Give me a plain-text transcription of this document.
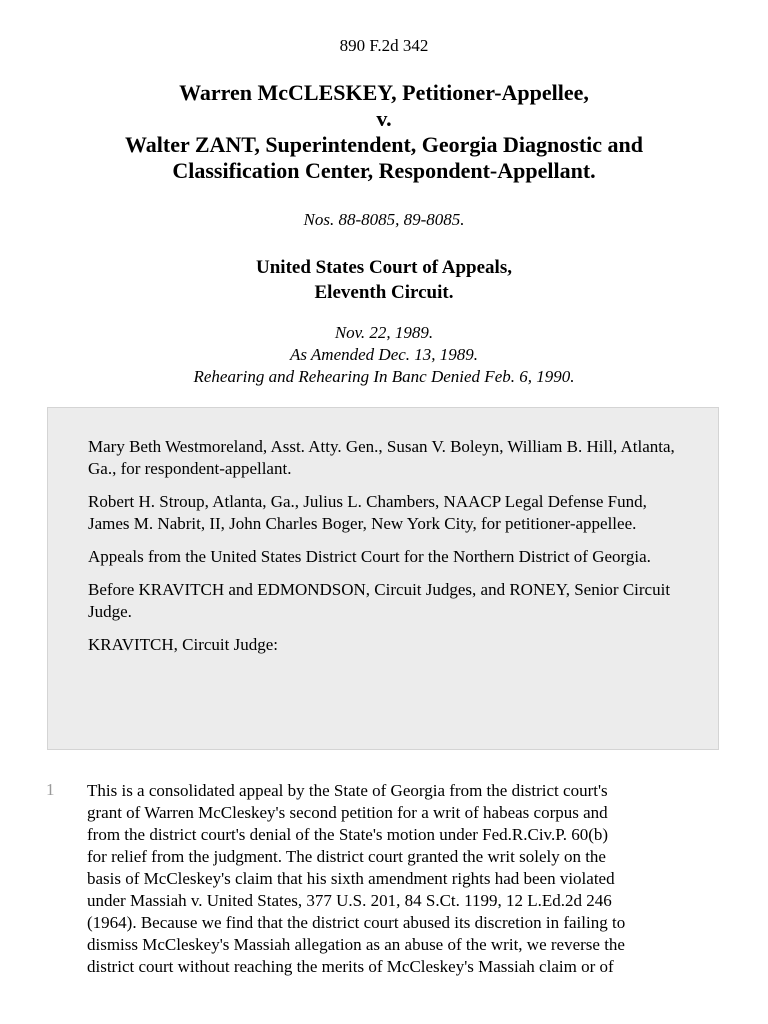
890 F.2d 342
Warren McCLESKEY, Petitioner-Appellee,
v.
Walter ZANT, Superintendent, Georgia Diagnostic and
Classification Center, Respondent-Appellant.
Nos. 88-8085, 89-8085.
United States Court of Appeals,
Eleventh Circuit.
Nov. 22, 1989.
As Amended Dec. 13, 1989.
Rehearing and Rehearing In Banc Denied Feb. 6, 1990.

Mary Beth Westmoreland, Asst. Atty. Gen., Susan V. Boleyn, William B. Hill, Atlanta, Ga., for respondent-appellant.

Robert H. Stroup, Atlanta, Ga., Julius L. Chambers, NAACP Legal Defense Fund, James M. Nabrit, II, John Charles Boger, New York City, for petitioner-appellee.

Appeals from the United States District Court for the Northern District of Georgia.

Before KRAVITCH and EDMONDSON, Circuit Judges, and RONEY, Senior Circuit Judge.

KRAVITCH, Circuit Judge:

1 This is a consolidated appeal by the State of Georgia from the district court's
grant of Warren McCleskey's second petition for a writ of habeas corpus and
from the district court's denial of the State's motion under Fed.R.Civ.P. 60(b)
for relief from the judgment. The district court granted the writ solely on the
basis of McCleskey's claim that his sixth amendment rights had been violated
under Massiah v. United States, 377 U.S. 201, 84 S.Ct. 1199, 12 L.Ed.2d 246
(1964). Because we find that the district court abused its discretion in failing to
dismiss McCleskey's Massiah allegation as an abuse of the writ, we reverse the
district court without reaching the merits of McCleskey's Massiah claim or of
